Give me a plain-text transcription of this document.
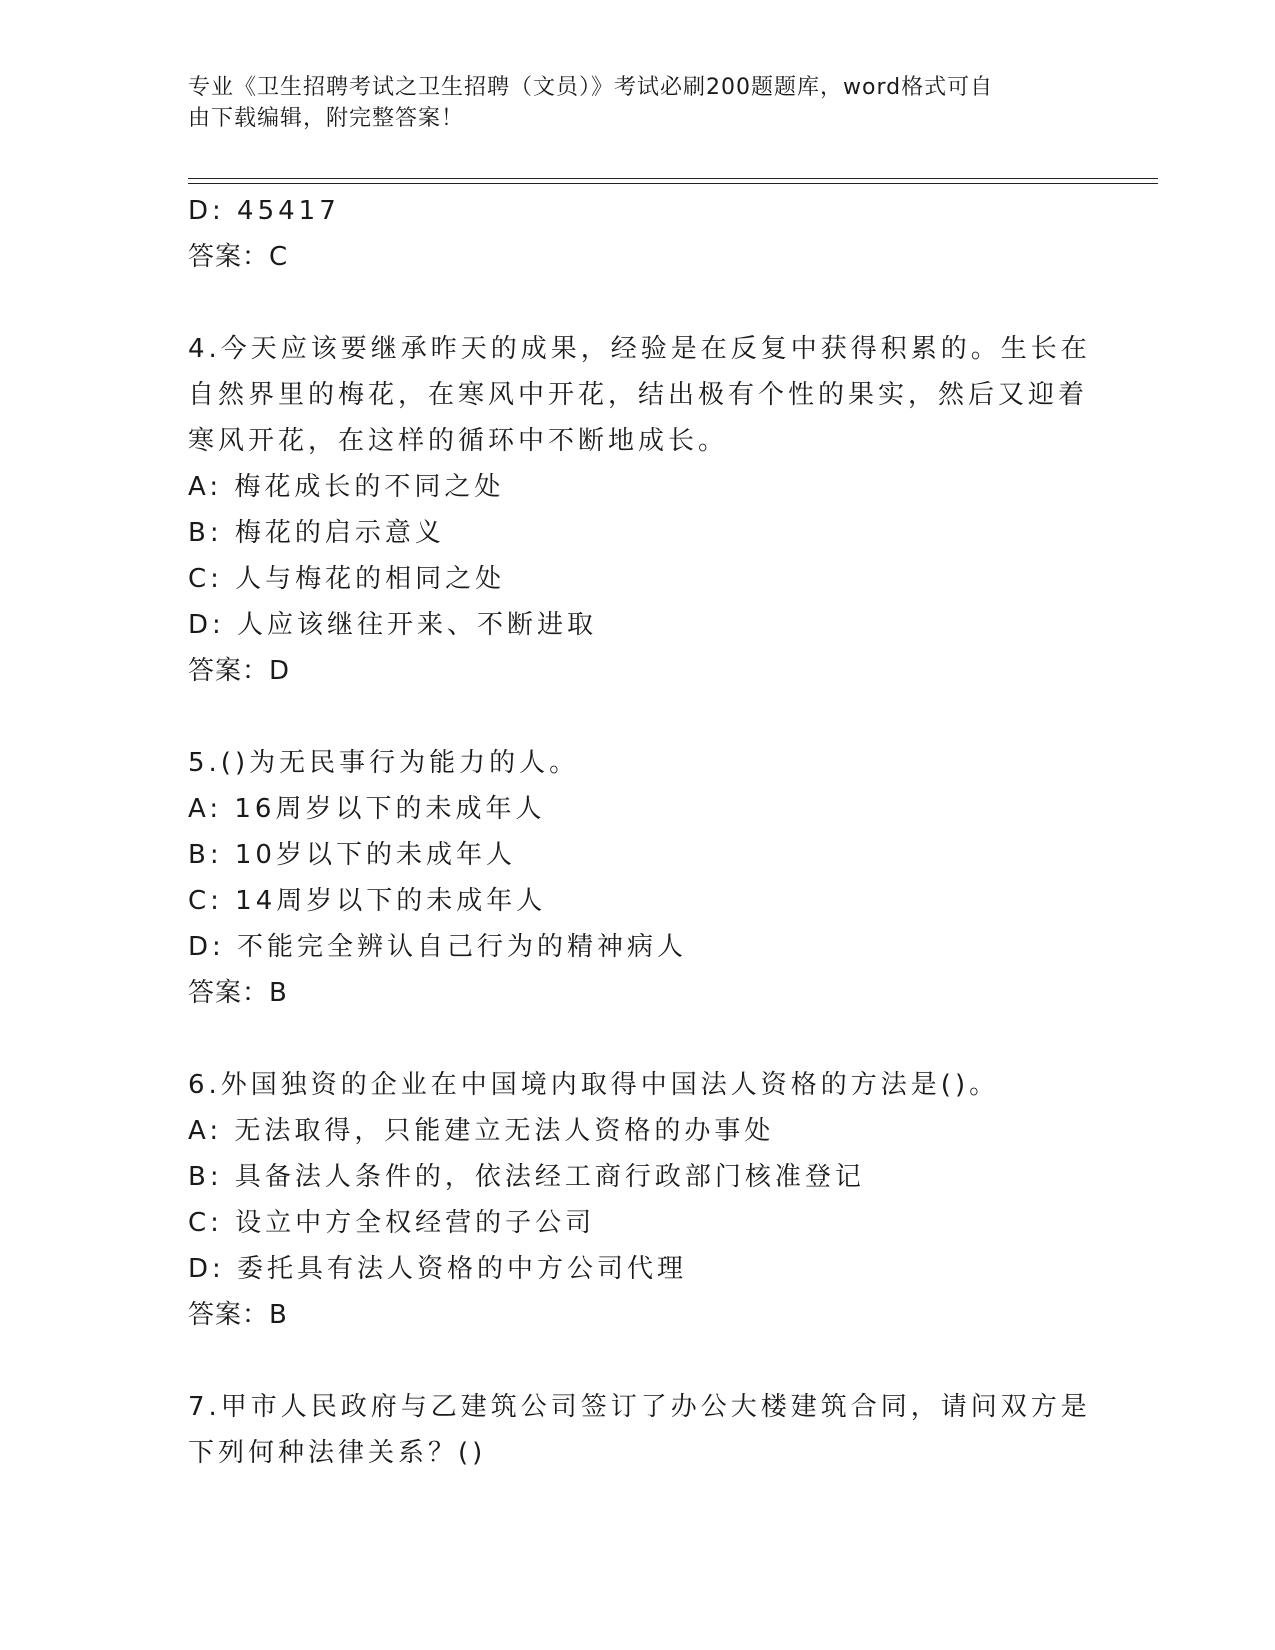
专业《卫生招聘考试之卫生招聘（文员）》考试必刷200题题库，word格式可自
由下载编辑，附完整答案！
D: 45417
答案：C
4.今天应该要继承昨天的成果，经验是在反复中获得积累的。生长在
自然界里的梅花，在寒风中开花，结出极有个性的果实，然后又迎着
寒风开花，在这样的循环中不断地成长。
A: 梅花成长的不同之处
B: 梅花的启示意义
C: 人与梅花的相同之处
D: 人应该继往开来、不断进取
答案：D
5.()为无民事行为能力的人。
A: 16周岁以下的未成年人
B: 10岁以下的未成年人
C: 14周岁以下的未成年人
D: 不能完全辨认自己行为的精神病人
答案：B
6.外国独资的企业在中国境内取得中国法人资格的方法是()。
A: 无法取得，只能建立无法人资格的办事处
B: 具备法人条件的，依法经工商行政部门核准登记
C: 设立中方全权经营的子公司
D: 委托具有法人资格的中方公司代理
答案：B
7.甲市人民政府与乙建筑公司签订了办公大楼建筑合同，请问双方是
下列何种法律关系？()
